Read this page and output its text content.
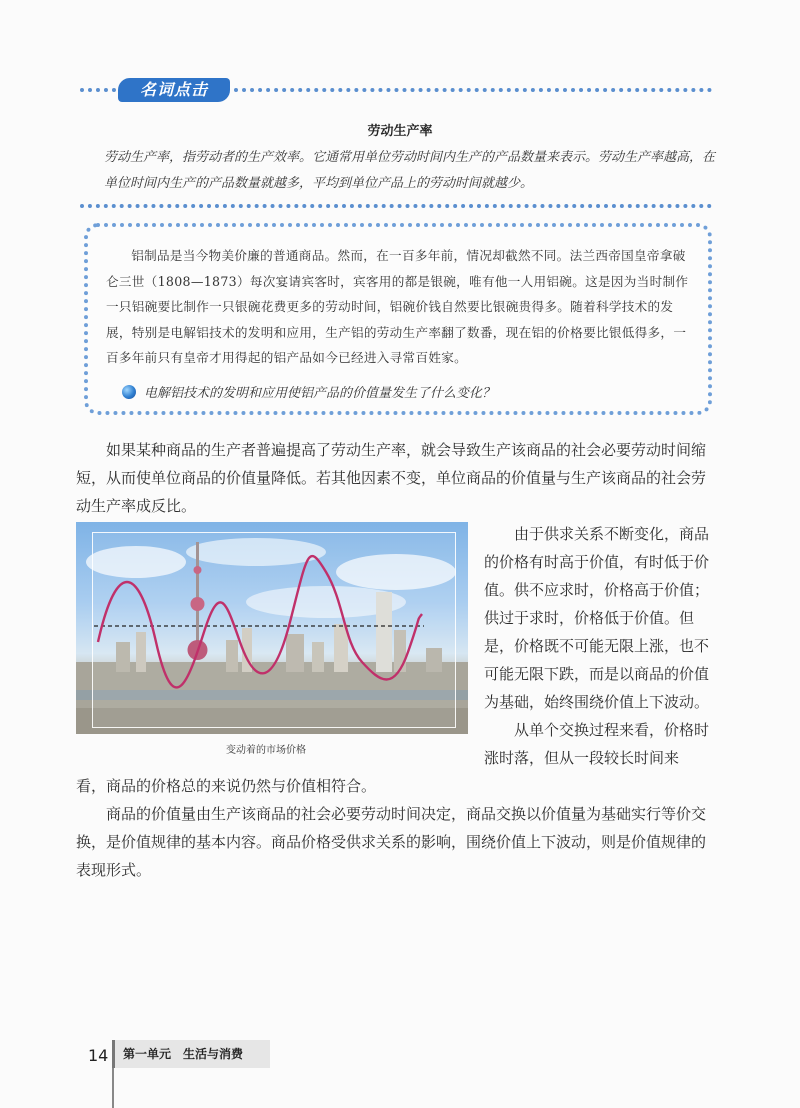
名词点击
劳动生产率
劳动生产率，指劳动者的生产效率。它通常用单位劳动时间内生产的产品数量来表示。劳动生产率越高，在单位时间内生产的产品数量就越多，平均到单位产品上的劳动时间就越少。
铝制品是当今物美价廉的普通商品。然而，在一百多年前，情况却截然不同。法兰西帝国皇帝拿破仑三世（1808—1873）每次宴请宾客时，宾客用的都是银碗，唯有他一人用铝碗。这是因为当时制作一只铝碗要比制作一只银碗花费更多的劳动时间，铝碗价钱自然要比银碗贵得多。随着科学技术的发展，特别是电解铝技术的发明和应用，生产铝的劳动生产率翻了数番，现在铝的价格要比银低得多，一百多年前只有皇帝才用得起的铝产品如今已经进入寻常百姓家。
电解铝技术的发明和应用使铝产品的价值量发生了什么变化？
如果某种商品的生产者普遍提高了劳动生产率，就会导致生产该商品的社会必要劳动时间缩短，从而使单位商品的价值量降低。若其他因素不变，单位商品的价值量与生产该商品的社会劳动生产率成反比。
变动着的市场价格
由于供求关系不断变化，商品的价格有时高于价值，有时低于价值。供不应求时，价格高于价值；供过于求时，价格低于价值。但是，价格既不可能无限上涨，也不可能无限下跌，而是以商品的价值为基础，始终围绕价值上下波动。
从单个交换过程来看，价格时涨时落，但从一段较长时间来
看，商品的价格总的来说仍然与价值相符合。
商品的价值量由生产该商品的社会必要劳动时间决定，商品交换以价值量为基础实行等价交换，是价值规律的基本内容。商品价格受供求关系的影响，围绕价值上下波动，则是价值规律的表现形式。
14	第一单元　生活与消费
